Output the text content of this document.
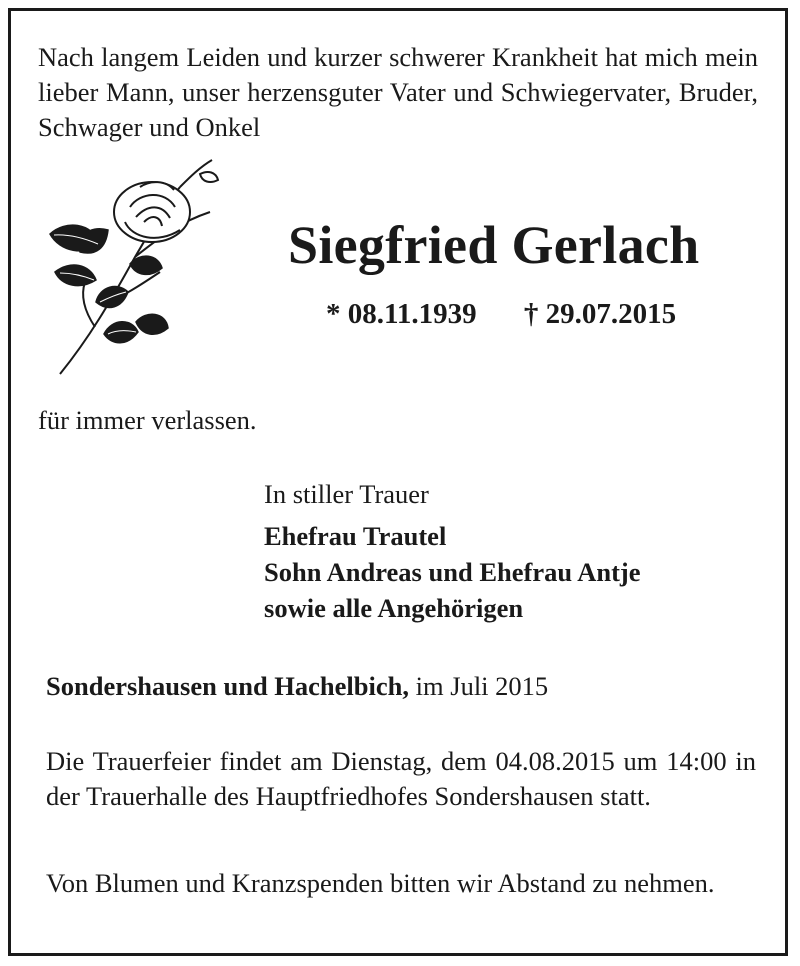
Nach langem Leiden und kurzer schwerer Krankheit hat mich mein lieber Mann, unser herzensguter Vater und Schwiegervater, Bruder, Schwager und Onkel

Siegfried Gerlach
* 08.11.1939 † 29.07.2015

für immer verlassen.

In stiller Trauer
Ehefrau Trautel
Sohn Andreas und Ehefrau Antje
sowie alle Angehörigen
Sondershausen und Hachelbich, im Juli 2015

Die Trauerfeier findet am Dienstag, dem 04.08.2015 um 14:00 in der Trauerhalle des Hauptfriedhofes Sondershausen statt.

Von Blumen und Kranzspenden bitten wir Abstand zu nehmen.
